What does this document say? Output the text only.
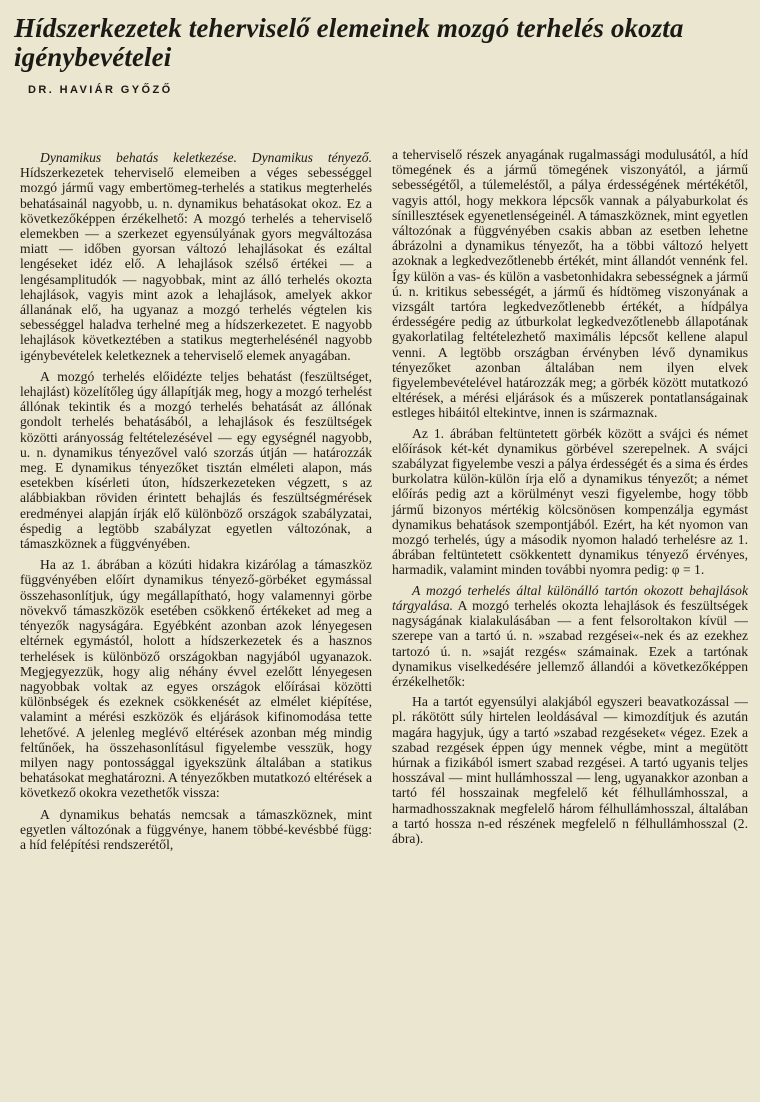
Hídszerkezetek teherviselő elemeinek mozgó terhelés okozta igénybevételei
DR. HAVIÁR GYŐZŐ

Dynamikus behatás keletkezése. Dynamikus tényező. Hídszerkezetek teherviselő elemeiben a véges sebességgel mozgó jármű vagy embertömeg-terhelés a statikus megterhelés behatásainál nagyobb, u. n. dynamikus behatásokat okoz. Ez a következőképpen érzékelhető: A mozgó terhelés a teherviselő elemekben — a szerkezet egyensúlyának gyors megváltozása miatt — időben gyorsan változó lehajlásokat és ezáltal lengéseket idéz elő. A lehajlások szélső értékei — a lengésamplitudók — nagyobbak, mint az álló terhelés okozta lehajlások, vagyis mint azok a lehajlások, amelyek akkor állanának elő, ha ugyanaz a mozgó terhelés végtelen kis sebességgel haladva terhelné meg a hídszerkezetet. E nagyobb lehajlások következtében a statikus megterhelésénél nagyobb igénybevételek keletkeznek a teherviselő elemek anyagában.

A mozgó terhelés előidézte teljes behatást (feszültséget, lehajlást) közelítőleg úgy állapítják meg, hogy a mozgó terhelést állónak tekintik és a mozgó terhelés behatását az állónak gondolt terhelés behatásából, a lehajlások és feszültségek közötti arányosság feltételezésével — egy egységnél nagyobb, u. n. dynamikus tényezővel való szorzás útján — határozzák meg. E dynamikus tényezőket tisztán elméleti alapon, más esetekben kísérleti úton, hídszerkezeteken végzett, s az alábbiakban röviden érintett behajlás és feszültségmérések eredményei alapján írják elő különböző országok szabályzatai, éspedig a legtöbb szabályzat egyetlen változónak, a támaszköznek a függvényében.

Ha az 1. ábrában a közúti hidakra kizárólag a támaszköz függvényében előírt dynamikus tényező-görbéket egymással összehasonlítjuk, úgy megállapítható, hogy valamennyi görbe növekvő támaszközök esetében csökkenő értékeket ad meg a tényezők nagyságára. Egyébként azonban azok lényegesen eltérnek egymástól, holott a hídszerkezetek és a hasznos terhelések is különböző országokban nagyjából ugyanazok. Megjegyezzük, hogy alig néhány évvel ezelőtt lényegesen nagyobbak voltak az egyes országok előírásai közötti különbségek és ezeknek csökkenését az elmélet kiépítése, valamint a mérési eszközök és eljárások kifinomodása tette lehetővé. A jelenleg meglévő eltérések azonban még mindig feltűnőek, ha összehasonlításul figyelembe vesszük, hogy milyen nagy pontossággal igyekszünk általában a statikus behatásokat meghatározni. A tényezőkben mutatkozó eltérések a következő okokra vezethetők vissza:

A dynamikus behatás nemcsak a támaszköznek, mint egyetlen változónak a függvénye, hanem többé-kevésbbé függ: a híd felépítési rendszerétől,

a teherviselő részek anyagának rugalmassági modulusától, a híd tömegének és a jármű tömegének viszonyától, a jármű sebességétől, a túlemeléstől, a pálya érdességének mértékétől, vagyis attól, hogy mekkora lépcsők vannak a pályaburkolat és sínillesztések egyenetlenségeinél. A támaszköznek, mint egyetlen változónak a függvényében csakis abban az esetben lehetne ábrázolni a dynamikus tényezőt, ha a többi változó helyett azoknak a legkedvezőtlenebb értékét, mint állandót vennénk fel. Így külön a vas- és külön a vasbetonhidakra sebességnek a jármű ú. n. kritikus sebességét, a jármű és hídtömeg viszonyának a vizsgált tartóra legkedvezőtlenebb értékét, a hídpálya érdességére pedig az útburkolat legkedvezőtlenebb állapotának gyakorlatilag feltételezhető maximális lépcsőt kellene alapul venni. A legtöbb országban érvényben lévő dynamikus tényezőket azonban általában nem ilyen elvek figyelembevételével határozzák meg; a görbék között mutatkozó eltérések, a mérési eljárások és a műszerek pontatlanságainak estleges hibáitól eltekintve, innen is származnak.

Az 1. ábrában feltüntetett görbék között a svájci és német előírások két-két dynamikus görbével szerepelnek. A svájci szabályzat figyelembe veszi a pálya érdességét és a sima és érdes burkolatra külön-külön írja elő a dynamikus tényezőt; a német előírás pedig azt a körülményt veszi figyelembe, hogy több jármű bizonyos mértékig kölcsönösen kompenzálja egymást dynamikus behatások szempontjából. Ezért, ha két nyomon van mozgó terhelés, úgy a második nyomon haladó terhelésre az 1. ábrában feltüntetett csökkentett dynamikus tényező érvényes, harmadik, valamint minden további nyomra pedig: φ = 1.

A mozgó terhelés által különálló tartón okozott behajlások tárgyalása. A mozgó terhelés okozta lehajlások és feszültségek nagyságának kialakulásában — a fent felsoroltakon kívül — szerepe van a tartó ú. n. »szabad rezgései«-nek és az ezekhez tartozó ú. n. »saját rezgés« számainak. Ezek a tartónak dynamikus viselkedésére jellemző állandói a következőképpen érzékelhetők:

Ha a tartót egyensúlyi alakjából egyszeri beavatkozással — pl. rákötött súly hirtelen leoldásával — kimozdítjuk és azután magára hagyjuk, úgy a tartó »szabad rezgéseket« végez. Ezek a szabad rezgések éppen úgy mennek végbe, mint a megütött húrnak a fizikából ismert szabad rezgései. A tartó ugyanis teljes hosszával — mint hullámhosszal — leng, ugyanakkor azonban a tartó fél hosszainak megfelelő két félhullámhosszal, a harmadhosszaknak megfelelő három félhullámhosszal, általában a tartó hossza n-ed részének megfelelő n félhullámhosszal (2. ábra).
